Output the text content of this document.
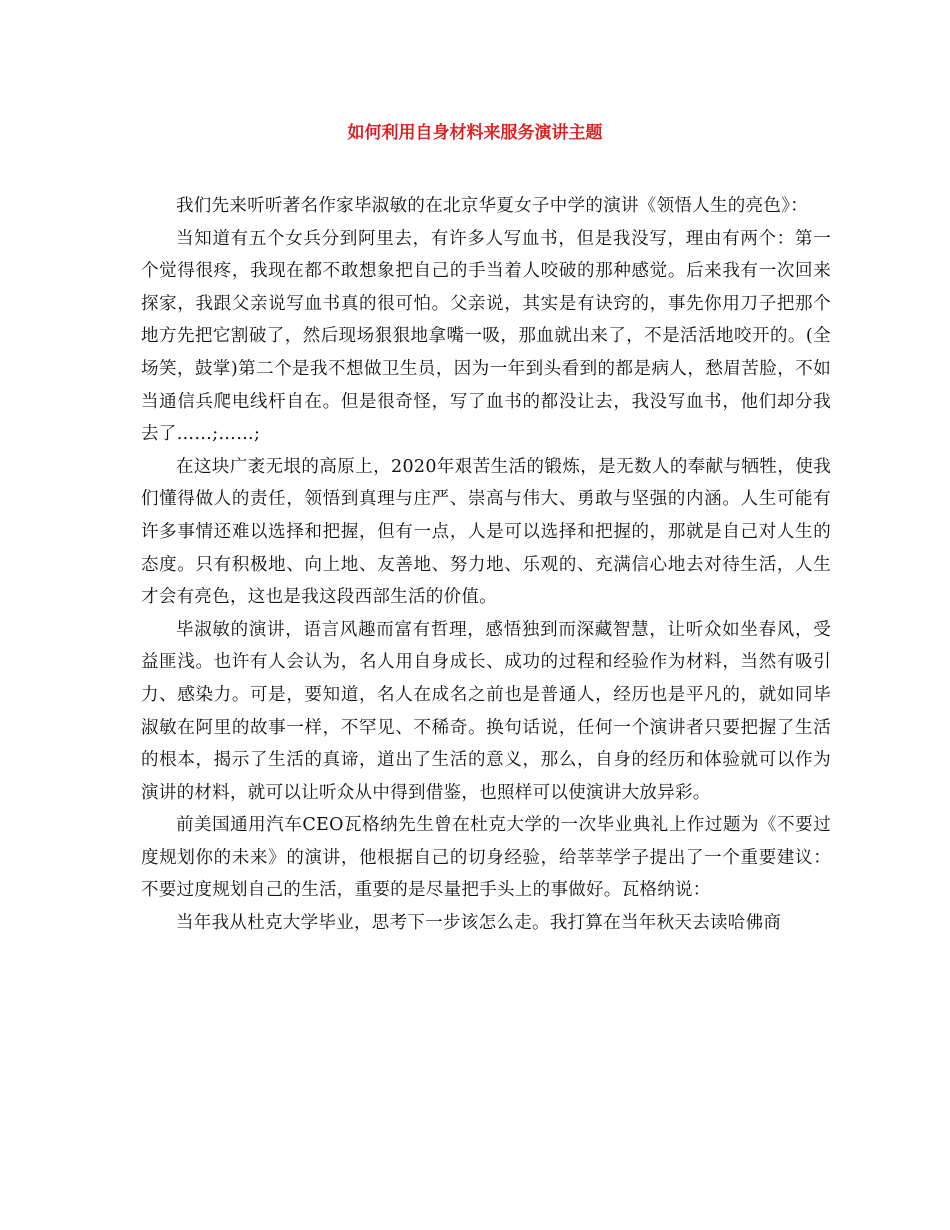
如何利用自身材料来服务演讲主题

我们先来听听著名作家毕淑敏的在北京华夏女子中学的演讲《领悟人生的亮色》：

当知道有五个女兵分到阿里去，有许多人写血书，但是我没写，理由有两个：第一个觉得很疼，我现在都不敢想象把自己的手当着人咬破的那种感觉。后来我有一次回来探家，我跟父亲说写血书真的很可怕。父亲说，其实是有诀窍的，事先你用刀子把那个地方先把它割破了，然后现场狠狠地拿嘴一吸，那血就出来了，不是活活地咬开的。(全场笑，鼓掌)第二个是我不想做卫生员，因为一年到头看到的都是病人，愁眉苦脸，不如当通信兵爬电线杆自在。但是很奇怪，写了血书的都没让去，我没写血书，他们却分我去了……;……;

在这块广袤无垠的高原上，2020年艰苦生活的锻炼，是无数人的奉献与牺牲，使我们懂得做人的责任，领悟到真理与庄严、崇高与伟大、勇敢与坚强的内涵。人生可能有许多事情还难以选择和把握，但有一点，人是可以选择和把握的，那就是自己对人生的态度。只有积极地、向上地、友善地、努力地、乐观的、充满信心地去对待生活，人生才会有亮色，这也是我这段西部生活的价值。

毕淑敏的演讲，语言风趣而富有哲理，感悟独到而深藏智慧，让听众如坐春风，受益匪浅。也许有人会认为，名人用自身成长、成功的过程和经验作为材料，当然有吸引力、感染力。可是，要知道，名人在成名之前也是普通人，经历也是平凡的，就如同毕淑敏在阿里的故事一样，不罕见、不稀奇。换句话说，任何一个演讲者只要把握了生活的根本，揭示了生活的真谛，道出了生活的意义，那么，自身的经历和体验就可以作为演讲的材料，就可以让听众从中得到借鉴，也照样可以使演讲大放异彩。

前美国通用汽车CEO瓦格纳先生曾在杜克大学的一次毕业典礼上作过题为《不要过度规划你的未来》的演讲，他根据自己的切身经验，给莘莘学子提出了一个重要建议：不要过度规划自己的生活，重要的是尽量把手头上的事做好。瓦格纳说：

当年我从杜克大学毕业，思考下一步该怎么走。我打算在当年秋天去读哈佛商
